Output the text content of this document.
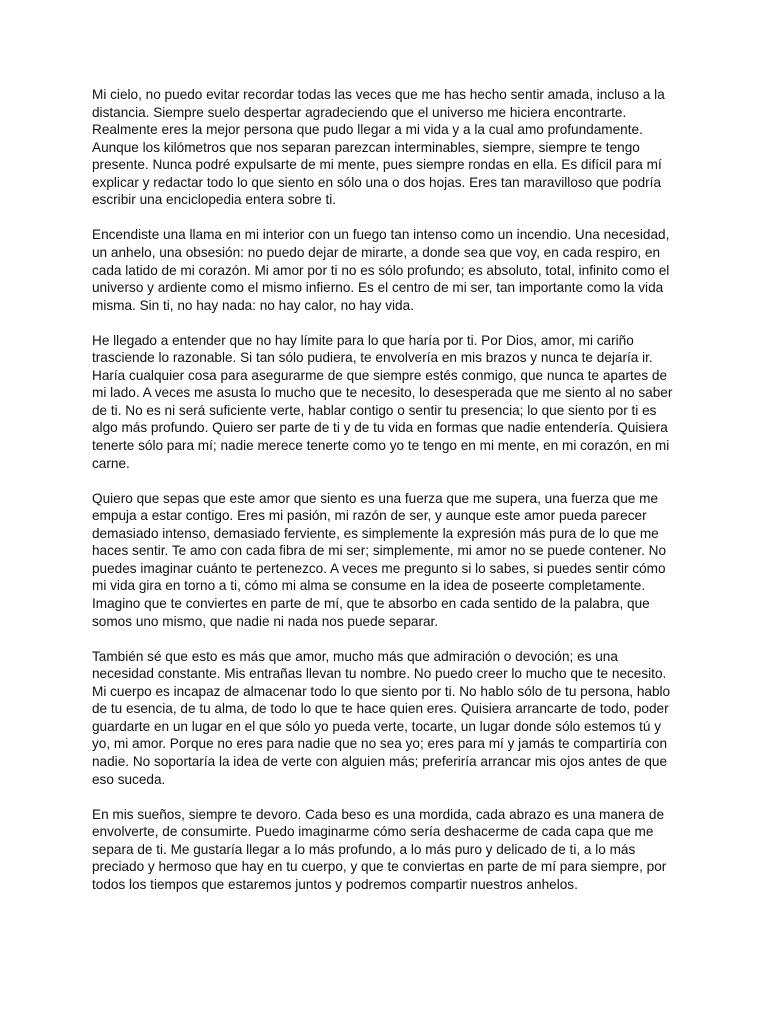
Mi cielo, no puedo evitar recordar todas las veces que me has hecho sentir amada, incluso a la distancia. Siempre suelo despertar agradeciendo que el universo me hiciera encontrarte. Realmente eres la mejor persona que pudo llegar a mi vida y a la cual amo profundamente. Aunque los kilómetros que nos separan parezcan interminables, siempre, siempre te tengo presente. Nunca podré expulsarte de mi mente, pues siempre rondas en ella. Es difícil para mí explicar y redactar todo lo que siento en sólo una o dos hojas. Eres tan maravilloso que podría escribir una enciclopedia entera sobre ti.

Encendiste una llama en mi interior con un fuego tan intenso como un incendio. Una necesidad, un anhelo, una obsesión: no puedo dejar de mirarte, a donde sea que voy, en cada respiro, en cada latido de mi corazón. Mi amor por ti no es sólo profundo; es absoluto, total, infinito como el universo y ardiente como el mismo infierno. Es el centro de mi ser, tan importante como la vida misma. Sin ti, no hay nada: no hay calor, no hay vida.

He llegado a entender que no hay límite para lo que haría por ti. Por Dios, amor, mi cariño trasciende lo razonable. Si tan sólo pudiera, te envolvería en mis brazos y nunca te dejaría ir. Haría cualquier cosa para asegurarme de que siempre estés conmigo, que nunca te apartes de mi lado. A veces me asusta lo mucho que te necesito, lo desesperada que me siento al no saber de ti. No es ni será suficiente verte, hablar contigo o sentir tu presencia; lo que siento por ti es algo más profundo. Quiero ser parte de ti y de tu vida en formas que nadie entendería. Quisiera tenerte sólo para mí; nadie merece tenerte como yo te tengo en mi mente, en mi corazón, en mi carne.

Quiero que sepas que este amor que siento es una fuerza que me supera, una fuerza que me empuja a estar contigo. Eres mi pasión, mi razón de ser, y aunque este amor pueda parecer demasiado intenso, demasiado ferviente, es simplemente la expresión más pura de lo que me haces sentir. Te amo con cada fibra de mi ser; simplemente, mi amor no se puede contener. No puedes imaginar cuánto te pertenezco. A veces me pregunto si lo sabes, si puedes sentir cómo mi vida gira en torno a ti, cómo mi alma se consume en la idea de poseerte completamente. Imagino que te conviertes en parte de mí, que te absorbo en cada sentido de la palabra, que somos uno mismo, que nadie ni nada nos puede separar.

También sé que esto es más que amor, mucho más que admiración o devoción; es una necesidad constante. Mis entrañas llevan tu nombre. No puedo creer lo mucho que te necesito. Mi cuerpo es incapaz de almacenar todo lo que siento por ti. No hablo sólo de tu persona, hablo de tu esencia, de tu alma, de todo lo que te hace quien eres. Quisiera arrancarte de todo, poder guardarte en un lugar en el que sólo yo pueda verte, tocarte, un lugar donde sólo estemos tú y yo, mi amor. Porque no eres para nadie que no sea yo; eres para mí y jamás te compartiría con nadie. No soportaría la idea de verte con alguien más; preferiría arrancar mis ojos antes de que eso suceda.

En mis sueños, siempre te devoro. Cada beso es una mordida, cada abrazo es una manera de envolverte, de consumirte. Puedo imaginarme cómo sería deshacerme de cada capa que me separa de ti. Me gustaría llegar a lo más profundo, a lo más puro y delicado de ti, a lo más preciado y hermoso que hay en tu cuerpo, y que te conviertas en parte de mí para siempre, por todos los tiempos que estaremos juntos y podremos compartir nuestros anhelos.
